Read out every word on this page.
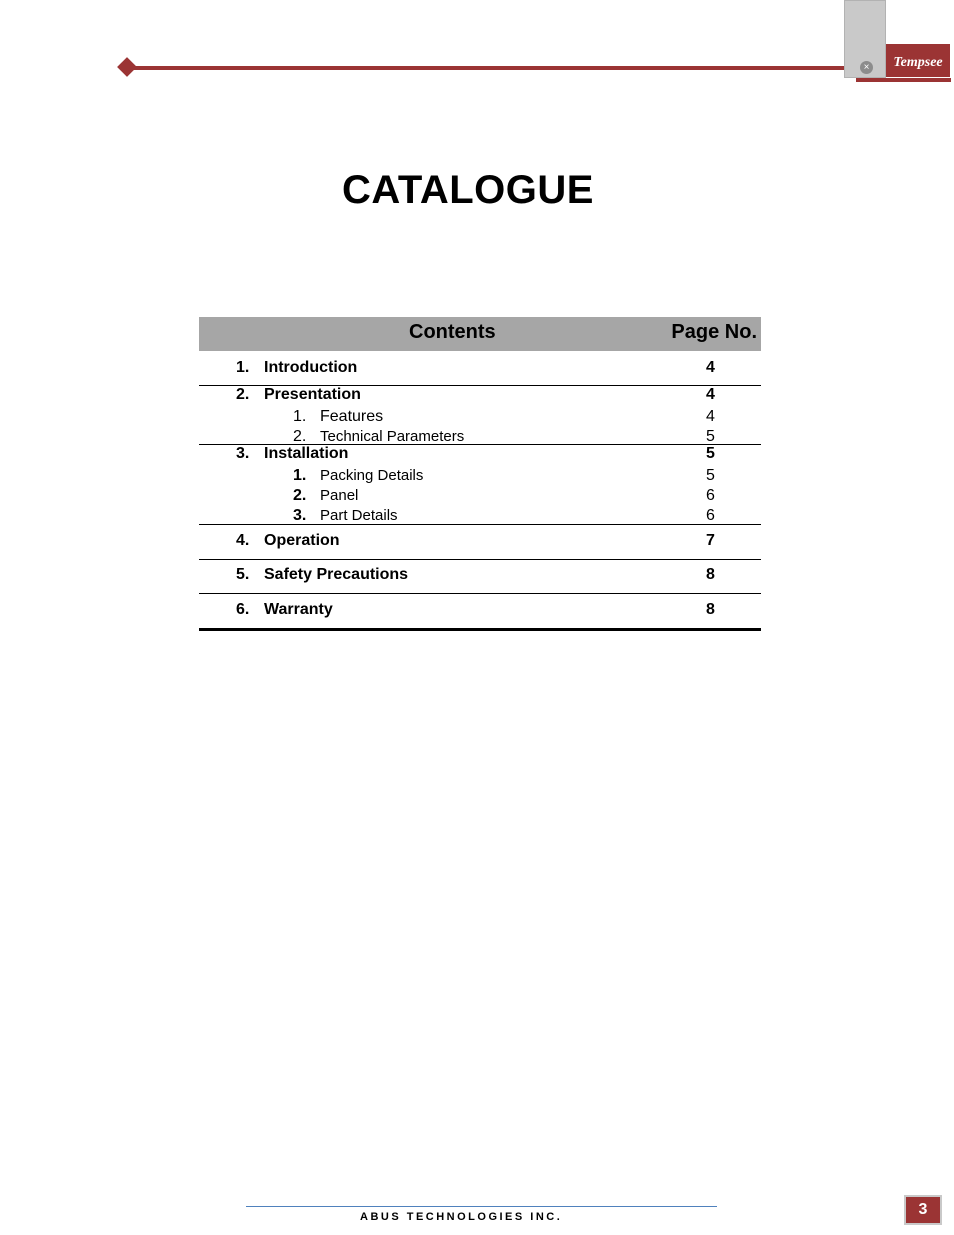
×	Tempsee
CATALOGUE
Contents	Page No.
1. Introduction	4
2. Presentation	4
1. Features	4
2. Technical Parameters	5
3. Installation	5
1. Packing Details	5
2. Panel	6
3. Part Details	6
4. Operation	7
5. Safety Precautions	8
6. Warranty	8
ABUS TECHNOLOGIES INC.	3
